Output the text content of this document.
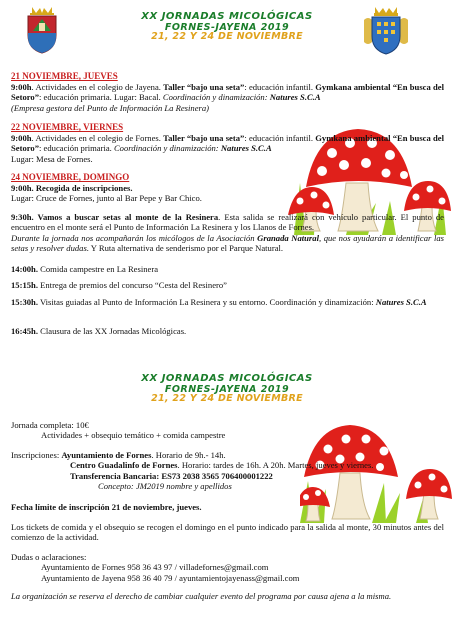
XX JORNADAS MICOLÓGICAS
FORNES-JAYENA 2019
21, 22 Y 24 DE NOVIEMBRE

21 NOVIEMBRE, JUEVES

9:00h. Actividades en el colegio de Jayena. Taller “bajo una seta”: educación infantil. Gymkana ambiental “En busca del Setoro”: educación primaria. Lugar: Bacal. Coordinación y dinamización: Natures S.C.A

(Empresa gestora del Punto de Información La Resinera)

22 NOVIEMBRE, VIERNES

9:00h. Actividades en el colegio de Fornes. Taller “bajo una seta”: educación infantil. Gymkana ambiental “En busca del Setoro”: educación primaria. Coordinación y dinamización: Natures S.C.A

Lugar: Mesa de Fornes.

24 NOVIEMBRE, DOMINGO

9:00h. Recogida de inscripciones.

Lugar: Cruce de Fornes, junto al Bar Pepe y Bar Chico.

9:30h. Vamos a buscar setas al monte de la Resinera. Esta salida se realizará con vehículo particular. El punto de encuentro en el monte será el Punto de Información La Resinera y los Llanos de Fornes.

Durante la jornada nos acompañarán los micólogos de la Asociación Granada Natural, que nos ayudarán a identificar las setas y resolver dudas. Y Ruta alternativa de senderismo por el Parque Natural.

14:00h. Comida campestre en La Resinera

15:15h. Entrega de premios del concurso “Cesta del Resinero”

15:30h. Visitas guiadas al Punto de Información La Resinera y su entorno. Coordinación y dinamización: Natures S.C.A

16:45h. Clausura de las XX Jornadas Micológicas.

XX JORNADAS MICOLÓGICAS
FORNES-JAYENA 2019
21, 22 Y 24 DE NOVIEMBRE

Jornada completa: 10€

Actividades + obsequio temático + comida campestre

Inscripciones: Ayuntamiento de Fornes. Horario de 9h.- 14h.

Centro Guadalinfo de Fornes. Horario: tardes de 16h. A 20h. Martes, jueves y viernes.

Transferencia Bancaria: ES73 2038 3565 706400001222

Concepto: JM2019 nombre y apellidos

Fecha límite de inscripción 21 de noviembre, jueves.

Los tickets de comida y el obsequio se recogen el domingo en el punto indicado para la salida al monte, 30 minutos antes del comienzo de la actividad.

Dudas o aclaraciones:

Ayuntamiento de Fornes 958 36 43 97 / villadefornes@gmail.com

Ayuntamiento de Jayena 958 36 40 79 / ayuntamientojayenass@gmail.com

La organización se reserva el derecho de cambiar cualquier evento del programa por causa ajena a la misma.
